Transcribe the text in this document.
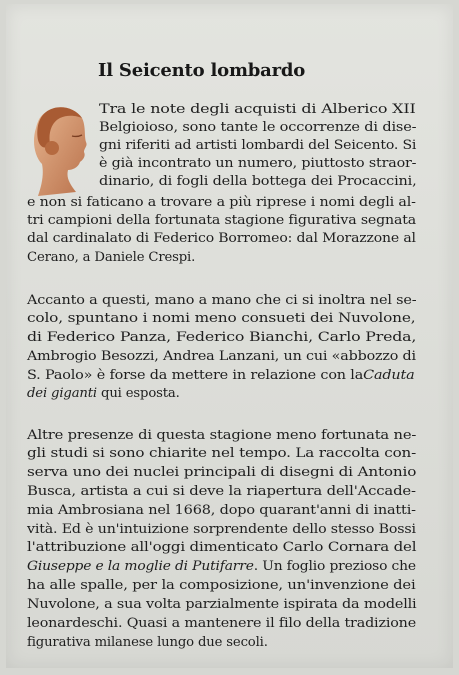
Il Seicento lombardo
Tra le note degli acquisti di Alberico XII
Belgioioso, sono tante le occorrenze di dise-
gni riferiti ad artisti lombardi del Seicento. Si
è già incontrato un numero, piuttosto straor-
dinario, di fogli della bottega dei Procaccini,
e non si faticano a trovare a più riprese i nomi degli al-
tri campioni della fortunata stagione figurativa segnata
dal cardinalato di Federico Borromeo: dal Morazzone al
Cerano, a Daniele Crespi.
Accanto a questi, mano a mano che ci si inoltra nel se-
colo, spuntano i nomi meno consueti dei Nuvolone,
di Federico Panza, Federico Bianchi, Carlo Preda,
Ambrogio Besozzi, Andrea Lanzani, un cui «abbozzo di
S. Paolo» è forse da mettere in relazione con laCaduta
dei giganti qui esposta.
Altre presenze di questa stagione meno fortunata ne-
gli studi si sono chiarite nel tempo. La raccolta con-
serva uno dei nuclei principali di disegni di Antonio
Busca, artista a cui si deve la riapertura dell'Accade-
mia Ambrosiana nel 1668, dopo quarant'anni di inatti-
vità. Ed è un'intuizione sorprendente dello stesso Bossi
l'attribuzione all'oggi dimenticato Carlo Cornara del
Giuseppe e la moglie di Putifarre. Un foglio prezioso che
ha alle spalle, per la composizione, un'invenzione dei
Nuvolone, a sua volta parzialmente ispirata da modelli
leonardeschi. Quasi a mantenere il filo della tradizione
figurativa milanese lungo due secoli.
